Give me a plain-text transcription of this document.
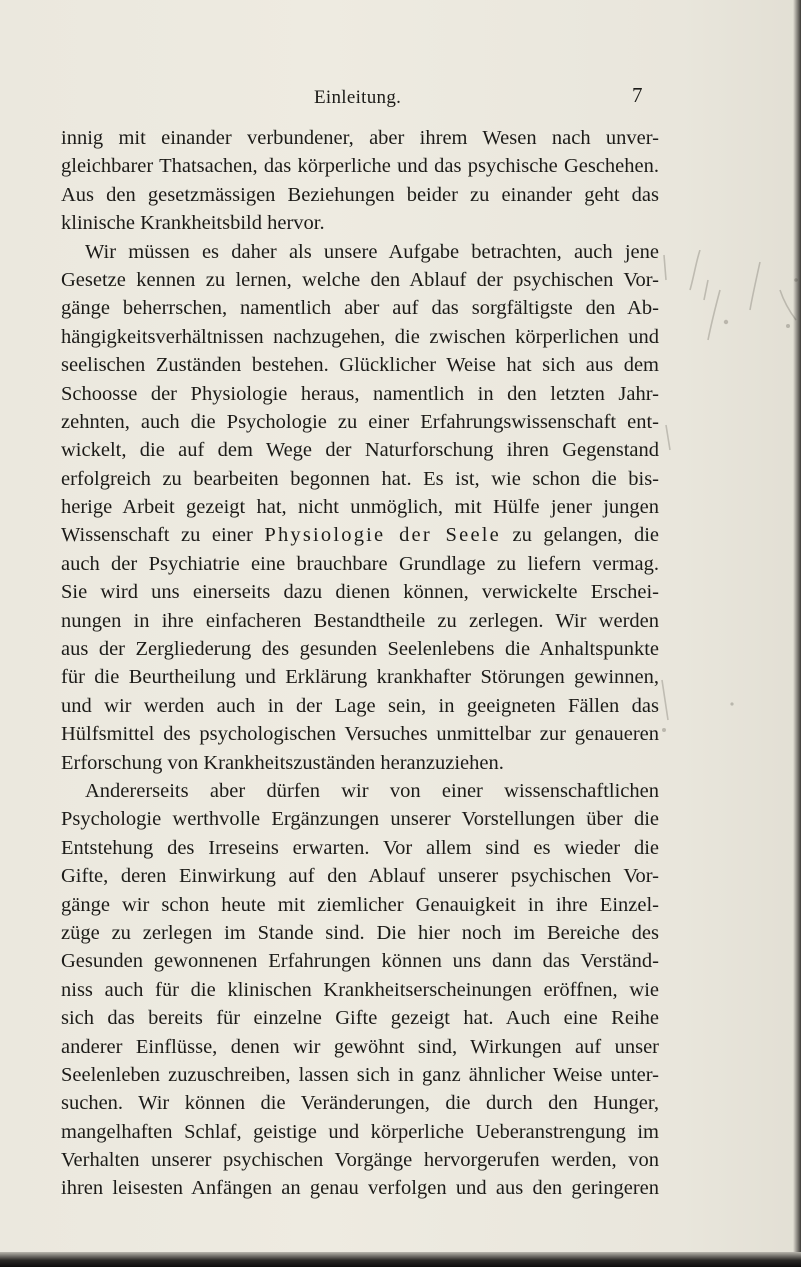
Einleitung.	7
innig mit einander verbundener, aber ihrem Wesen nach unver-
gleichbarer Thatsachen, das körperliche und das psychische Geschehen.
Aus den gesetzmässigen Beziehungen beider zu einander geht das
klinische Krankheitsbild hervor.
Wir müssen es daher als unsere Aufgabe betrachten, auch jene
Gesetze kennen zu lernen, welche den Ablauf der psychischen Vor-
gänge beherrschen, namentlich aber auf das sorgfältigste den Ab-
hängigkeitsverhältnissen nachzugehen, die zwischen körperlichen und
seelischen Zuständen bestehen. Glücklicher Weise hat sich aus dem
Schoosse der Physiologie heraus, namentlich in den letzten Jahr-
zehnten, auch die Psychologie zu einer Erfahrungswissenschaft ent-
wickelt, die auf dem Wege der Naturforschung ihren Gegenstand
erfolgreich zu bearbeiten begonnen hat. Es ist, wie schon die bis-
herige Arbeit gezeigt hat, nicht unmöglich, mit Hülfe jener jungen
Wissenschaft zu einer Physiologie der Seele zu gelangen, die
auch der Psychiatrie eine brauchbare Grundlage zu liefern vermag.
Sie wird uns einerseits dazu dienen können, verwickelte Erschei-
nungen in ihre einfacheren Bestandtheile zu zerlegen. Wir werden
aus der Zergliederung des gesunden Seelenlebens die Anhaltspunkte
für die Beurtheilung und Erklärung krankhafter Störungen gewinnen,
und wir werden auch in der Lage sein, in geeigneten Fällen das
Hülfsmittel des psychologischen Versuches unmittelbar zur genaueren
Erforschung von Krankheitszuständen heranzuziehen.
Andererseits aber dürfen wir von einer wissenschaftlichen
Psychologie werthvolle Ergänzungen unserer Vorstellungen über die
Entstehung des Irreseins erwarten. Vor allem sind es wieder die
Gifte, deren Einwirkung auf den Ablauf unserer psychischen Vor-
gänge wir schon heute mit ziemlicher Genauigkeit in ihre Einzel-
züge zu zerlegen im Stande sind. Die hier noch im Bereiche des
Gesunden gewonnenen Erfahrungen können uns dann das Verständ-
niss auch für die klinischen Krankheitserscheinungen eröffnen, wie
sich das bereits für einzelne Gifte gezeigt hat. Auch eine Reihe
anderer Einflüsse, denen wir gewöhnt sind, Wirkungen auf unser
Seelenleben zuzuschreiben, lassen sich in ganz ähnlicher Weise unter-
suchen. Wir können die Veränderungen, die durch den Hunger,
mangelhaften Schlaf, geistige und körperliche Ueberanstrengung im
Verhalten unserer psychischen Vorgänge hervorgerufen werden, von
ihren leisesten Anfängen an genau verfolgen und aus den geringeren
